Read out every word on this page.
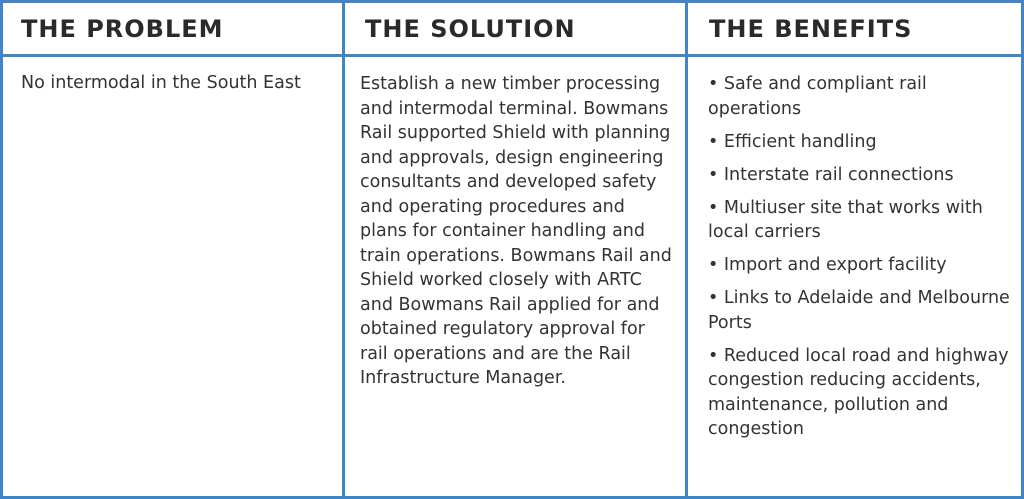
THE PROBLEM
No intermodal in the South East
THE SOLUTION
Establish a new timber processing and intermodal terminal. Bowmans Rail supported Shield with planning and approvals, design engineering consultants and developed safety and operating procedures and plans for container handling and train operations. Bowmans Rail and Shield worked closely with ARTC and Bowmans Rail applied for and obtained regulatory approval for rail operations and are the Rail Infrastructure Manager.
THE BENEFITS
• Safe and compliant rail operations
• Efficient handling
• Interstate rail connections
• Multiuser site that works with local carriers
• Import and export facility
• Links to Adelaide and Melbourne Ports
• Reduced local road and highway congestion reducing accidents, maintenance, pollution and congestion
